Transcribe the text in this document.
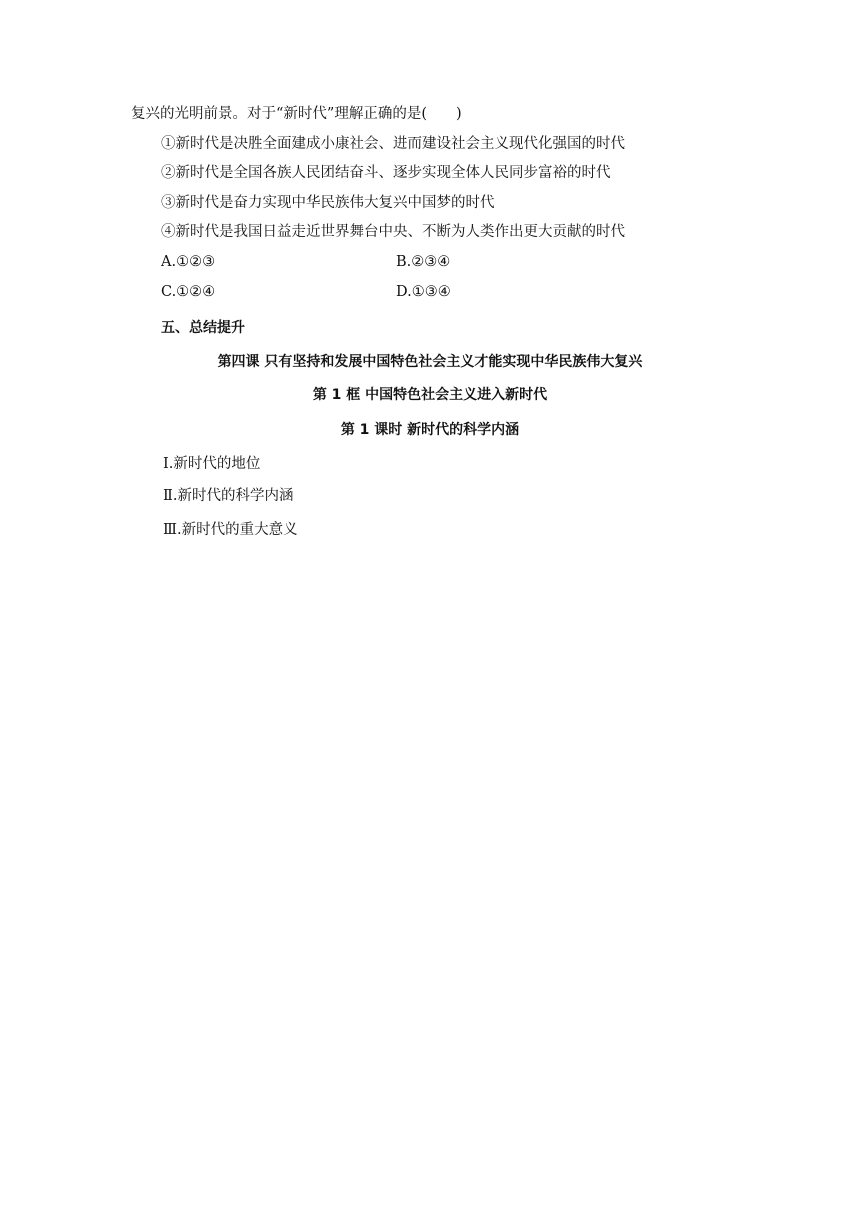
复兴的光明前景。对于“新时代”理解正确的是(　　)
①新时代是决胜全面建成小康社会、进而建设社会主义现代化强国的时代
②新时代是全国各族人民团结奋斗、逐步实现全体人民同步富裕的时代
③新时代是奋力实现中华民族伟大复兴中国梦的时代
④新时代是我国日益走近世界舞台中央、不断为人类作出更大贡献的时代
A.①②③	B.②③④
C.①②④	D.①③④
五、总结提升
第四课 只有坚持和发展中国特色社会主义才能实现中华民族伟大复兴
第 1 框 中国特色社会主义进入新时代
第 1 课时 新时代的科学内涵
Ⅰ.新时代的地位
Ⅱ.新时代的科学内涵
Ⅲ.新时代的重大意义
